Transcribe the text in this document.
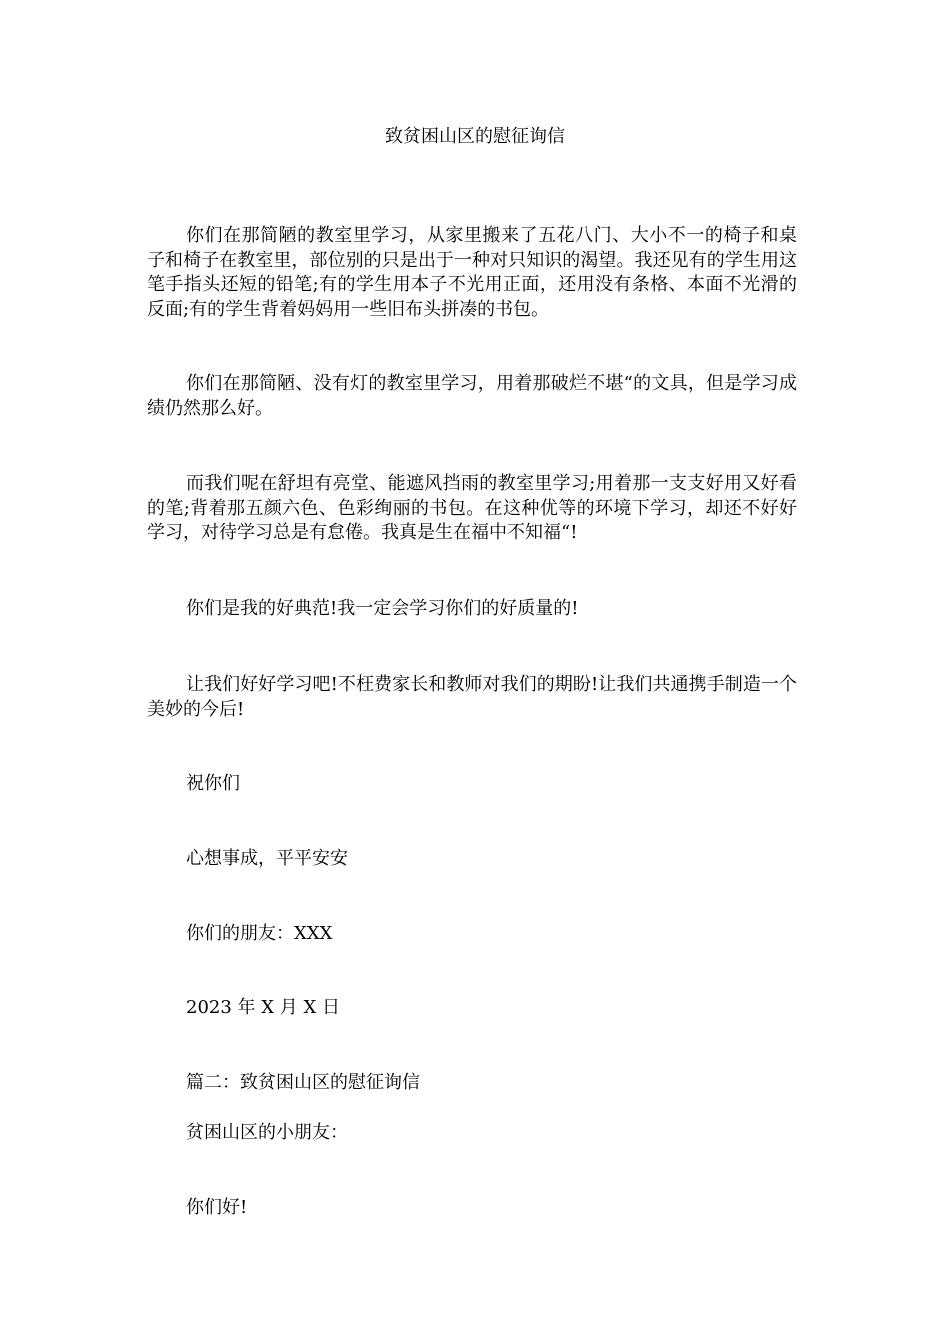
致贫困山区的慰征询信

你们在那简陋的教室里学习，从家里搬来了五花八门、大小不一的椅子和桌子和椅子在教室里，部位别的只是出于一种对只知识的渴望。我还见有的学生用这笔手指头还短的铅笔;有的学生用本子不光用正面，还用没有条格、本面不光滑的反面;有的学生背着妈妈用一些旧布头拼凑的书包。

你们在那简陋、没有灯的教室里学习，用着那破烂不堪“的文具，但是学习成绩仍然那么好。

而我们呢在舒坦有亮堂、能遮风挡雨的教室里学习;用着那一支支好用又好看的笔;背着那五颜六色、色彩绚丽的书包。在这种优等的环境下学习，却还不好好学习，对待学习总是有怠倦。我真是生在福中不知福“!

你们是我的好典范!我一定会学习你们的好质量的!

让我们好好学习吧!不枉费家长和教师对我们的期盼!让我们共通携手制造一个美妙的今后!

祝你们

心想事成，平平安安

你们的朋友：XXX

2023 年 X 月 X 日

篇二：致贫困山区的慰征询信

贫困山区的小朋友：

你们好!
